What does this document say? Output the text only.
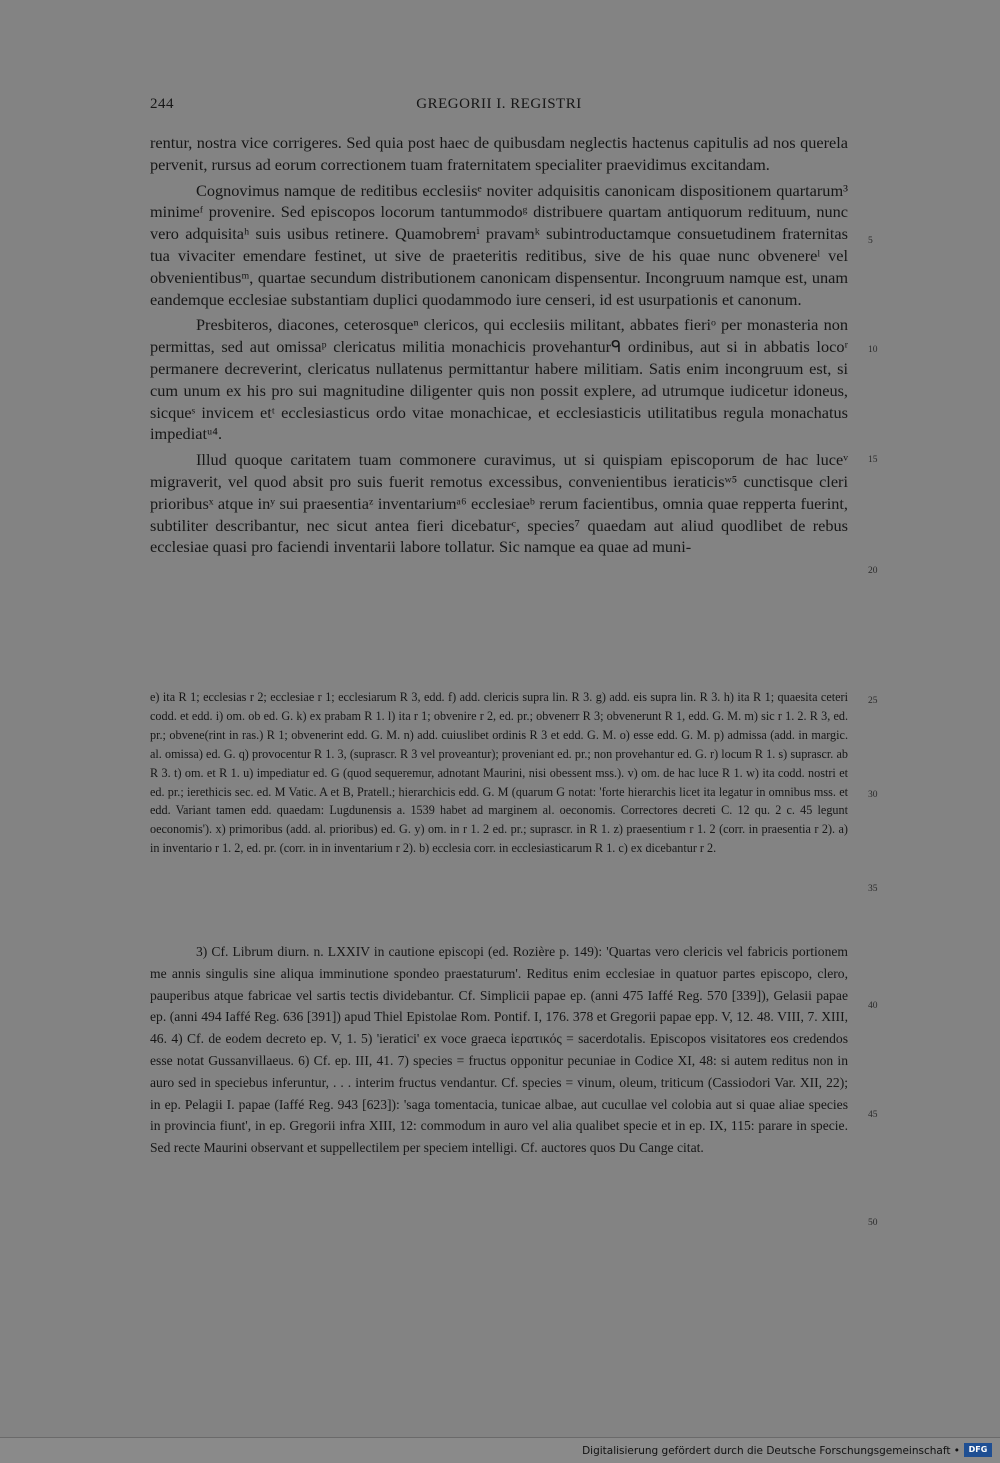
244	GREGORII I. REGISTRI

rentur, nostra vice corrigeres. Sed quia post haec de quibusdam neglectis hactenus capitulis ad nos querela pervenit, rursus ad eorum correctionem tuam fraternitatem specialiter praevidimus excitandam.

Cognovimus namque de reditibus ecclesiisᵉ noviter adquisitis canonicam dispositionem quartarum³ minimeᶠ provenire. Sed episcopos locorum tantummodoᵍ distribuere quartam antiquorum redituum, nunc vero adquisitaʰ suis usibus retinere. Quamobremⁱ pravamᵏ subintroductamque consuetudinem fraternitas tua vivaciter emendare festinet, ut sive de praeteritis reditibus, sive de his quae nunc obvenereˡ vel obvenientibusᵐ, quartae secundum distributionem canonicam dispensentur. Incongruum namque est, unam eandemque ecclesiae substantiam duplici quodammodo iure censeri, id est usurpationis et canonum.

Presbiteros, diacones, ceterosqueⁿ clericos, qui ecclesiis militant, abbates fieriᵒ per monasteria non permittas, sed aut omissaᵖ clericatus militia monachicis provehanturᑫ ordinibus, aut si in abbatis locoʳ permanere decreverint, clericatus nullatenus permittantur habere militiam. Satis enim incongruum est, si cum unum ex his pro sui magnitudine diligenter quis non possit explere, ad utrumque iudicetur idoneus, sicqueˢ invicem etᵗ ecclesiasticus ordo vitae monachicae, et ecclesiasticis utilitatibus regula monachatus impediatᵘ⁴.

Illud quoque caritatem tuam commonere curavimus, ut si quispiam episcoporum de hac luceᵛ migraverit, vel quod absit pro suis fuerit remotus excessibus, convenientibus ieraticisʷ⁵ cunctisque cleri prioribusˣ atque inʸ sui praesentiaᶻ inventariumᵃ⁶ ecclesiaeᵇ rerum facientibus, omnia quae repperta fuerint, subtiliter describantur, nec sicut antea fieri dicebaturᶜ, species⁷ quaedam aut aliud quodlibet de rebus ecclesiae quasi pro faciendi inventarii labore tollatur. Sic namque ea quae ad muni-

e) ita R 1; ecclesias r 2; ecclesiae r 1; ecclesiarum R 3, edd. f) add. clericis supra lin. R 3. g) add. eis supra lin. R 3. h) ita R 1; quaesita ceteri codd. et edd. i) om. ob ed. G. k) ex prabam R 1. l) ita r 1; obvenire r 2, ed. pr.; obvenerr R 3; obvenerunt R 1, edd. G. M. m) sic r 1. 2. R 3, ed. pr.; obvene(rint in ras.) R 1; obvenerint edd. G. M. n) add. cuiuslibet ordinis R 3 et edd. G. M. o) esse edd. G. M. p) admissa (add. in margic. al. omissa) ed. G. q) provocentur R 1. 3, (suprascr. R 3 vel proveantur); proveniant ed. pr.; non provehantur ed. G. r) locum R 1. s) suprascr. ab R 3. t) om. et R 1. u) impediatur ed. G (quod sequeremur, adnotant Maurini, nisi obessent mss.). v) om. de hac luce R 1. w) ita codd. nostri et ed. pr.; ierethicis sec. ed. M Vatic. A et B, Pratell.; hierarchicis edd. G. M (quarum G notat: 'forte hierarchis licet ita legatur in omnibus mss. et edd. Variant tamen edd. quaedam: Lugdunensis a. 1539 habet ad marginem al. oeconomis. Correctores decreti C. 12 qu. 2 c. 45 legunt oeconomis'). x) primoribus (add. al. prioribus) ed. G. y) om. in r 1. 2 ed. pr.; suprascr. in R 1. z) praesentium r 1. 2 (corr. in praesentia r 2). a) in inventario r 1. 2, ed. pr. (corr. in in inventarium r 2). b) ecclesia corr. in ecclesiasticarum R 1. c) ex dicebantur r 2.

3) Cf. Librum diurn. n. LXXIV in cautione episcopi (ed. Rozière p. 149): 'Quartas vero clericis vel fabricis portionem me annis singulis sine aliqua imminutione spondeo praestaturum'. Reditus enim ecclesiae in quatuor partes episcopo, clero, pauperibus atque fabricae vel sartis tectis dividebantur. Cf. Simplicii papae ep. (anni 475 Iaffé Reg. 570 [339]), Gelasii papae ep. (anni 494 Iaffé Reg. 636 [391]) apud Thiel Epistolae Rom. Pontif. I, 176. 378 et Gregorii papae epp. V, 12. 48. VIII, 7. XIII, 46. 4) Cf. de eodem decreto ep. V, 1. 5) 'ieratici' ex voce graeca ἱερατικός = sacerdotalis. Episcopos visitatores eos credendos esse notat Gussanvillaeus. 6) Cf. ep. III, 41. 7) species = fructus opponitur pecuniae in Codice XI, 48: si autem reditus non in auro sed in speciebus inferuntur, . . . interim fructus vendantur. Cf. species = vinum, oleum, triticum (Cassiodori Var. XII, 22); in ep. Pelagii I. papae (Iaffé Reg. 943 [623]): 'saga tomentacia, tunicae albae, aut cucullae vel colobia aut si quae aliae species in provincia fiunt', in ep. Gregorii infra XIII, 12: commodum in auro vel alia qualibet specie et in ep. IX, 115: parare in specie. Sed recte Maurini observant et suppellectilem per speciem intelligi. Cf. auctores quos Du Cange citat.

5
10
15
20
25
30
35
40
45
50
Digitalisierung gefördert durch die Deutsche Forschungsgemeinschaft •	DFG
